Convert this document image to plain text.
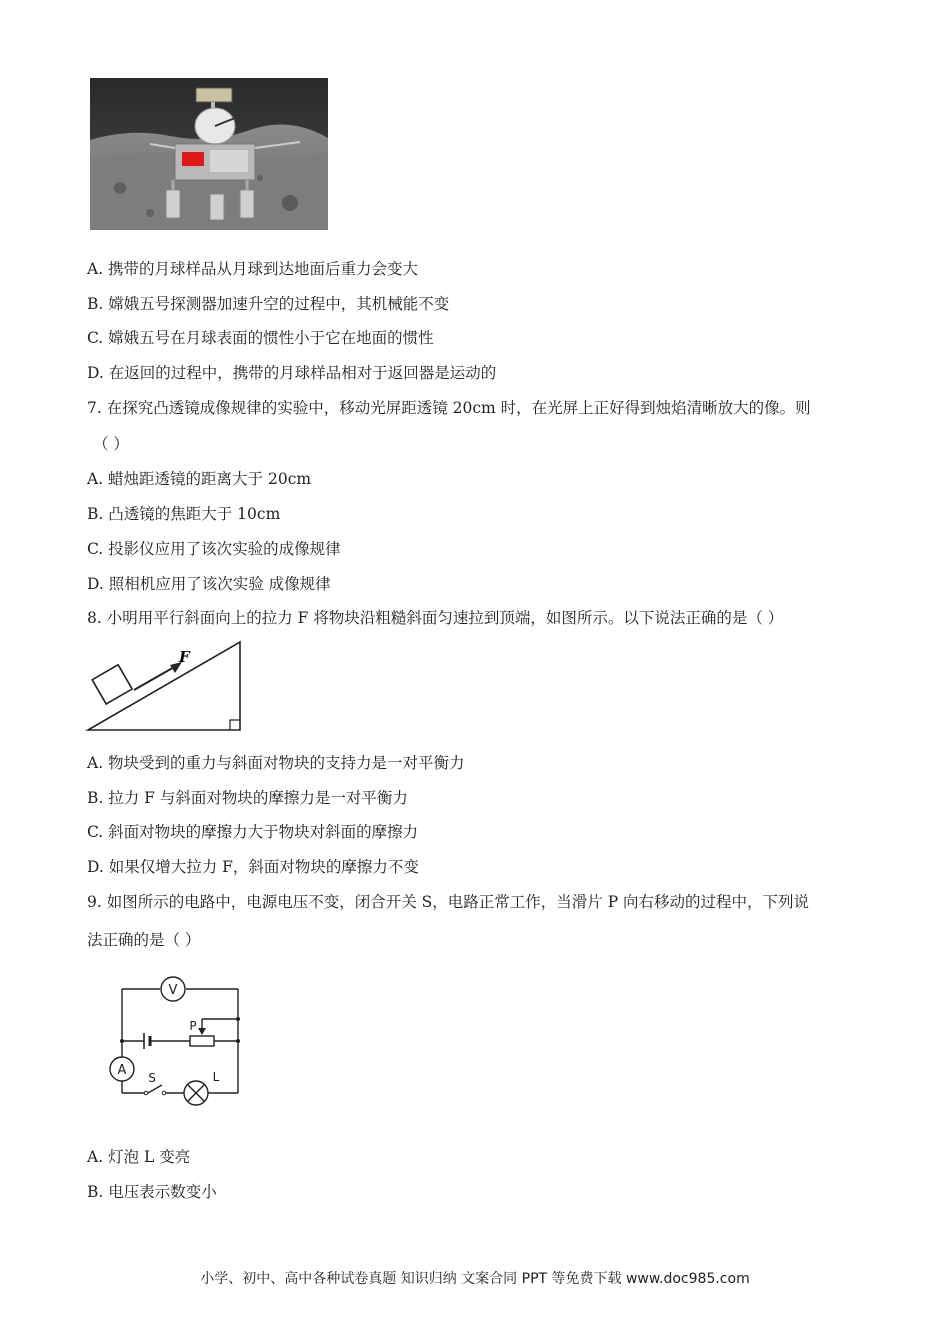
A. 携带的月球样品从月球到达地面后重力会变大
B. 嫦娥五号探测器加速升空的过程中，其机械能不变
C. 嫦娥五号在月球表面的惯性小于它在地面的惯性
D. 在返回的过程中，携带的月球样品相对于返回器是运动的
7. 在探究凸透镜成像规律的实验中，移动光屏距透镜 20cm 时，在光屏上正好得到烛焰清晰放大的像。则
（ ）
A. 蜡烛距透镜的距离大于 20cm
B. 凸透镜的焦距大于 10cm
C. 投影仪应用了该次实验的成像规律
D. 照相机应用了该次实验 成像规律
8. 小明用平行斜面向上的拉力 F 将物块沿粗糙斜面匀速拉到顶端，如图所示。以下说法正确的是（ ）
F
A. 物块受到的重力与斜面对物块的支持力是一对平衡力
B. 拉力 F 与斜面对物块的摩擦力是一对平衡力
C. 斜面对物块的摩擦力大于物块对斜面的摩擦力
D. 如果仅增大拉力 F，斜面对物块的摩擦力不变
9. 如图所示的电路中，电源电压不变，闭合开关 S，电路正常工作，当滑片 P 向右移动的过程中，下列说
法正确的是（ ）
V
A
P
S	L
A. 灯泡 L 变亮
B. 电压表示数变小
小学、初中、高中各种试卷真题 知识归纳 文案合同 PPT 等免费下载 www.doc985.com
